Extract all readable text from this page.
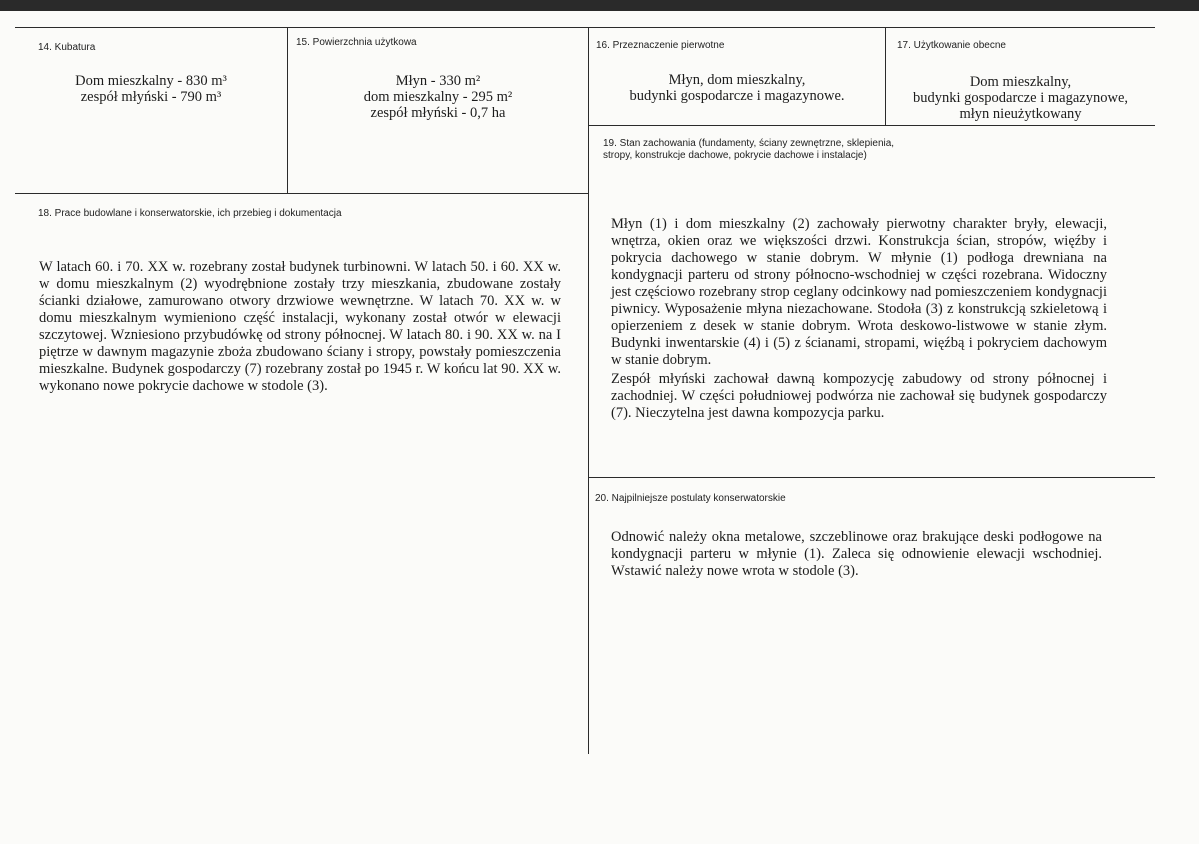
14. Kubatura
Dom mieszkalny - 830 m³
zespół młyński - 790 m³
15. Powierzchnia użytkowa
Młyn - 330 m²
dom mieszkalny - 295 m²
zespół młyński - 0,7 ha
16. Przeznaczenie pierwotne
Młyn, dom mieszkalny,
budynki gospodarcze i magazynowe.
17. Użytkowanie obecne
Dom mieszkalny,
budynki gospodarcze i magazynowe,
młyn nieużytkowany
18. Prace budowlane i konserwatorskie, ich przebieg i dokumentacja

W latach 60. i 70. XX w. rozebrany został budynek turbinowni. W latach 50. i 60. XX w. w domu mieszkalnym (2) wyodrębnione zostały trzy mieszkania, zbudowane zostały ścianki działowe, zamurowano otwory drzwiowe wewnętrzne. W latach 70. XX w. w domu mieszkalnym wymieniono część instalacji, wykonany został otwór w elewacji szczytowej. Wzniesiono przybudówkę od strony północnej. W latach 80. i 90. XX w. na I piętrze w dawnym magazynie zboża zbudowano ściany i stropy, powstały pomieszczenia mieszkalne. Budynek gospodarczy (7) rozebrany został po 1945 r. W końcu lat 90. XX w. wykonano nowe pokrycie dachowe w stodole (3).

19. Stan zachowania (fundamenty, ściany zewnętrzne, sklepienia,
stropy, konstrukcje dachowe, pokrycie dachowe i instalacje)

Młyn (1) i dom mieszkalny (2) zachowały pierwotny charakter bryły, elewacji, wnętrza, okien oraz we większości drzwi. Konstrukcja ścian, stropów, więźby i pokrycia dachowego w stanie dobrym. W młynie (1) podłoga drewniana na kondygnacji parteru od strony północno-wschodniej w części rozebrana. Widoczny jest częściowo rozebrany strop ceglany odcinkowy nad pomieszczeniem kondygnacji piwnicy. Wyposażenie młyna niezachowane. Stodoła (3) z konstrukcją szkieletową i opierzeniem z desek w stanie dobrym. Wrota deskowo-listwowe w stanie złym. Budynki inwentarskie (4) i (5) z ścianami, stropami, więźbą i pokryciem dachowym w stanie dobrym.

Zespół młyński zachował dawną kompozycję zabudowy od strony północnej i zachodniej. W części południowej podwórza nie zachował się budynek gospodarczy (7). Nieczytelna jest dawna kompozycja parku.

20. Najpilniejsze postulaty konserwatorskie

Odnowić należy okna metalowe, szczeblinowe oraz brakujące deski podłogowe na kondygnacji parteru w młynie (1). Zaleca się odnowienie elewacji wschodniej. Wstawić należy nowe wrota w stodole (3).
